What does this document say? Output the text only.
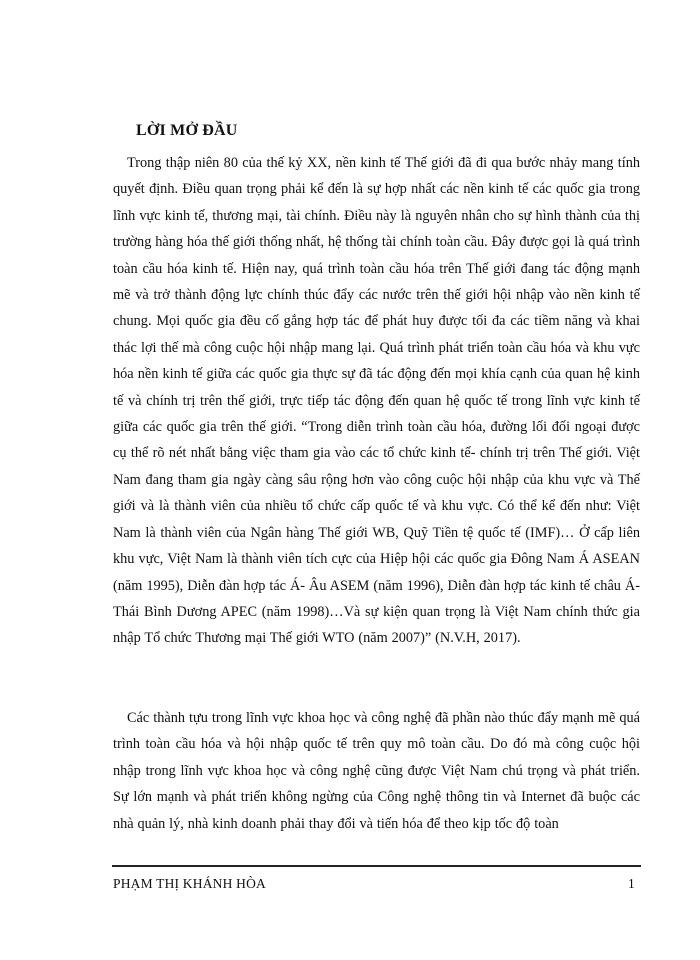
LỜI MỞ ĐẦU

Trong thập niên 80 của thế kỷ XX, nền kinh tế Thế giới đã đi qua bước nhảy mang tính quyết định. Điều quan trọng phải kể đến là sự hợp nhất các nền kinh tế các quốc gia trong lĩnh vực kinh tế, thương mại, tài chính. Điều này là nguyên nhân cho sự hình thành của thị trường hàng hóa thế giới thống nhất, hệ thống tài chính toàn cầu. Đây được gọi là quá trình toàn cầu hóa kinh tế. Hiện nay, quá trình toàn cầu hóa trên Thế giới đang tác động mạnh mẽ và trở thành động lực chính thúc đẩy các nước trên thế giới hội nhập vào nền kinh tế chung. Mọi quốc gia đều cố gắng hợp tác để phát huy được tối đa các tiềm năng và khai thác lợi thế mà công cuộc hội nhập mang lại. Quá trình phát triển toàn cầu hóa và khu vực hóa nền kinh tế giữa các quốc gia thực sự đã tác động đến mọi khía cạnh của quan hệ kinh tế và chính trị trên thế giới, trực tiếp tác động đến quan hệ quốc tế trong lĩnh vực kinh tế giữa các quốc gia trên thế giới. “Trong diễn trình toàn cầu hóa, đường lối đối ngoại được cụ thể rõ nét nhất bằng việc tham gia vào các tổ chức kinh tế- chính trị trên Thế giới. Việt Nam đang tham gia ngày càng sâu rộng hơn vào công cuộc hội nhập của khu vực và Thế giới và là thành viên của nhiều tổ chức cấp quốc tế và khu vực. Có thể kể đến như: Việt Nam là thành viên của Ngân hàng Thế giới WB, Quỹ Tiền tệ quốc tế (IMF)… Ở cấp liên khu vực, Việt Nam là thành viên tích cực của Hiệp hội các quốc gia Đông Nam Á ASEAN (năm 1995), Diễn đàn hợp tác Á- Âu ASEM (năm 1996), Diễn đàn hợp tác kinh tế châu Á- Thái Bình Dương APEC (năm 1998)…Và sự kiện quan trọng là Việt Nam chính thức gia nhập Tổ chức Thương mại Thế giới WTO (năm 2007)” (N.V.H, 2017).

Các thành tựu trong lĩnh vực khoa học và công nghệ đã phần nào thúc đẩy mạnh mẽ quá trình toàn cầu hóa và hội nhập quốc tế trên quy mô toàn cầu. Do đó mà công cuộc hội nhập trong lĩnh vực khoa học và công nghệ cũng được Việt Nam chú trọng và phát triển. Sự lớn mạnh và phát triển không ngừng của Công nghệ thông tin và Internet đã buộc các nhà quản lý, nhà kinh doanh phải thay đổi và tiến hóa để theo kịp tốc độ toàn

PHẠM THỊ KHÁNH HÒA	1
